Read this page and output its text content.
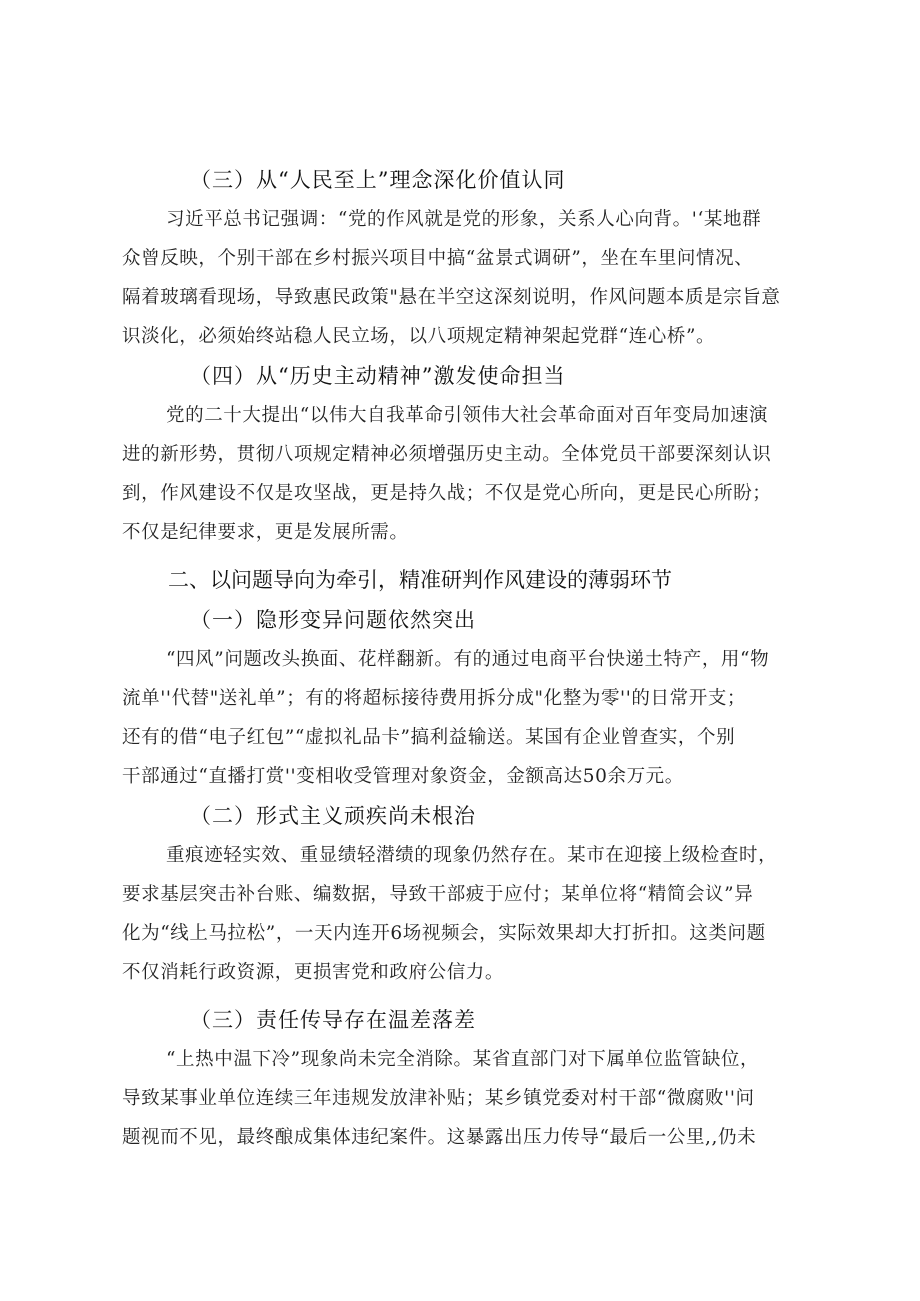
（三）从“人民至上”理念深化价值认同
习近平总书记强调：“党的作风就是党的形象，关系人心向背。'‘某地群
众曾反映，个别干部在乡村振兴项目中搞“盆景式调研”，坐在车里问情况、
隔着玻璃看现场，导致惠民政策"悬在半空这深刻说明，作风问题本质是宗旨意
识淡化，必须始终站稳人民立场，以八项规定精神架起党群“连心桥”。
（四）从“历史主动精神”激发使命担当
党的二十大提出“以伟大自我革命引领伟大社会革命面对百年变局加速演
进的新形势，贯彻八项规定精神必须增强历史主动。全体党员干部要深刻认识
到，作风建设不仅是攻坚战，更是持久战；不仅是党心所向，更是民心所盼；
不仅是纪律要求，更是发展所需。
二、以问题导向为牵引，精准研判作风建设的薄弱环节
（一）隐形变异问题依然突出
“四风”问题改头换面、花样翻新。有的通过电商平台快递土特产，用“物
流单''代替"送礼单”；有的将超标接待费用拆分成"化整为零''的日常开支；
还有的借“电子红包”“虚拟礼品卡”搞利益输送。某国有企业曾查实，个别
干部通过“直播打赏''变相收受管理对象资金，金额高达50余万元。
（二）形式主义顽疾尚未根治
重痕迹轻实效、重显绩轻潜绩的现象仍然存在。某市在迎接上级检查时，
要求基层突击补台账、编数据，导致干部疲于应付；某单位将“精简会议”异
化为“线上马拉松”，一天内连开6场视频会，实际效果却大打折扣。这类问题
不仅消耗行政资源，更损害党和政府公信力。
（三）责任传导存在温差落差
“上热中温下冷”现象尚未完全消除。某省直部门对下属单位监管缺位，
导致某事业单位连续三年违规发放津补贴；某乡镇党委对村干部“微腐败''问
题视而不见，最终酿成集体违纪案件。这暴露出压力传导“最后一公里,,仍未
